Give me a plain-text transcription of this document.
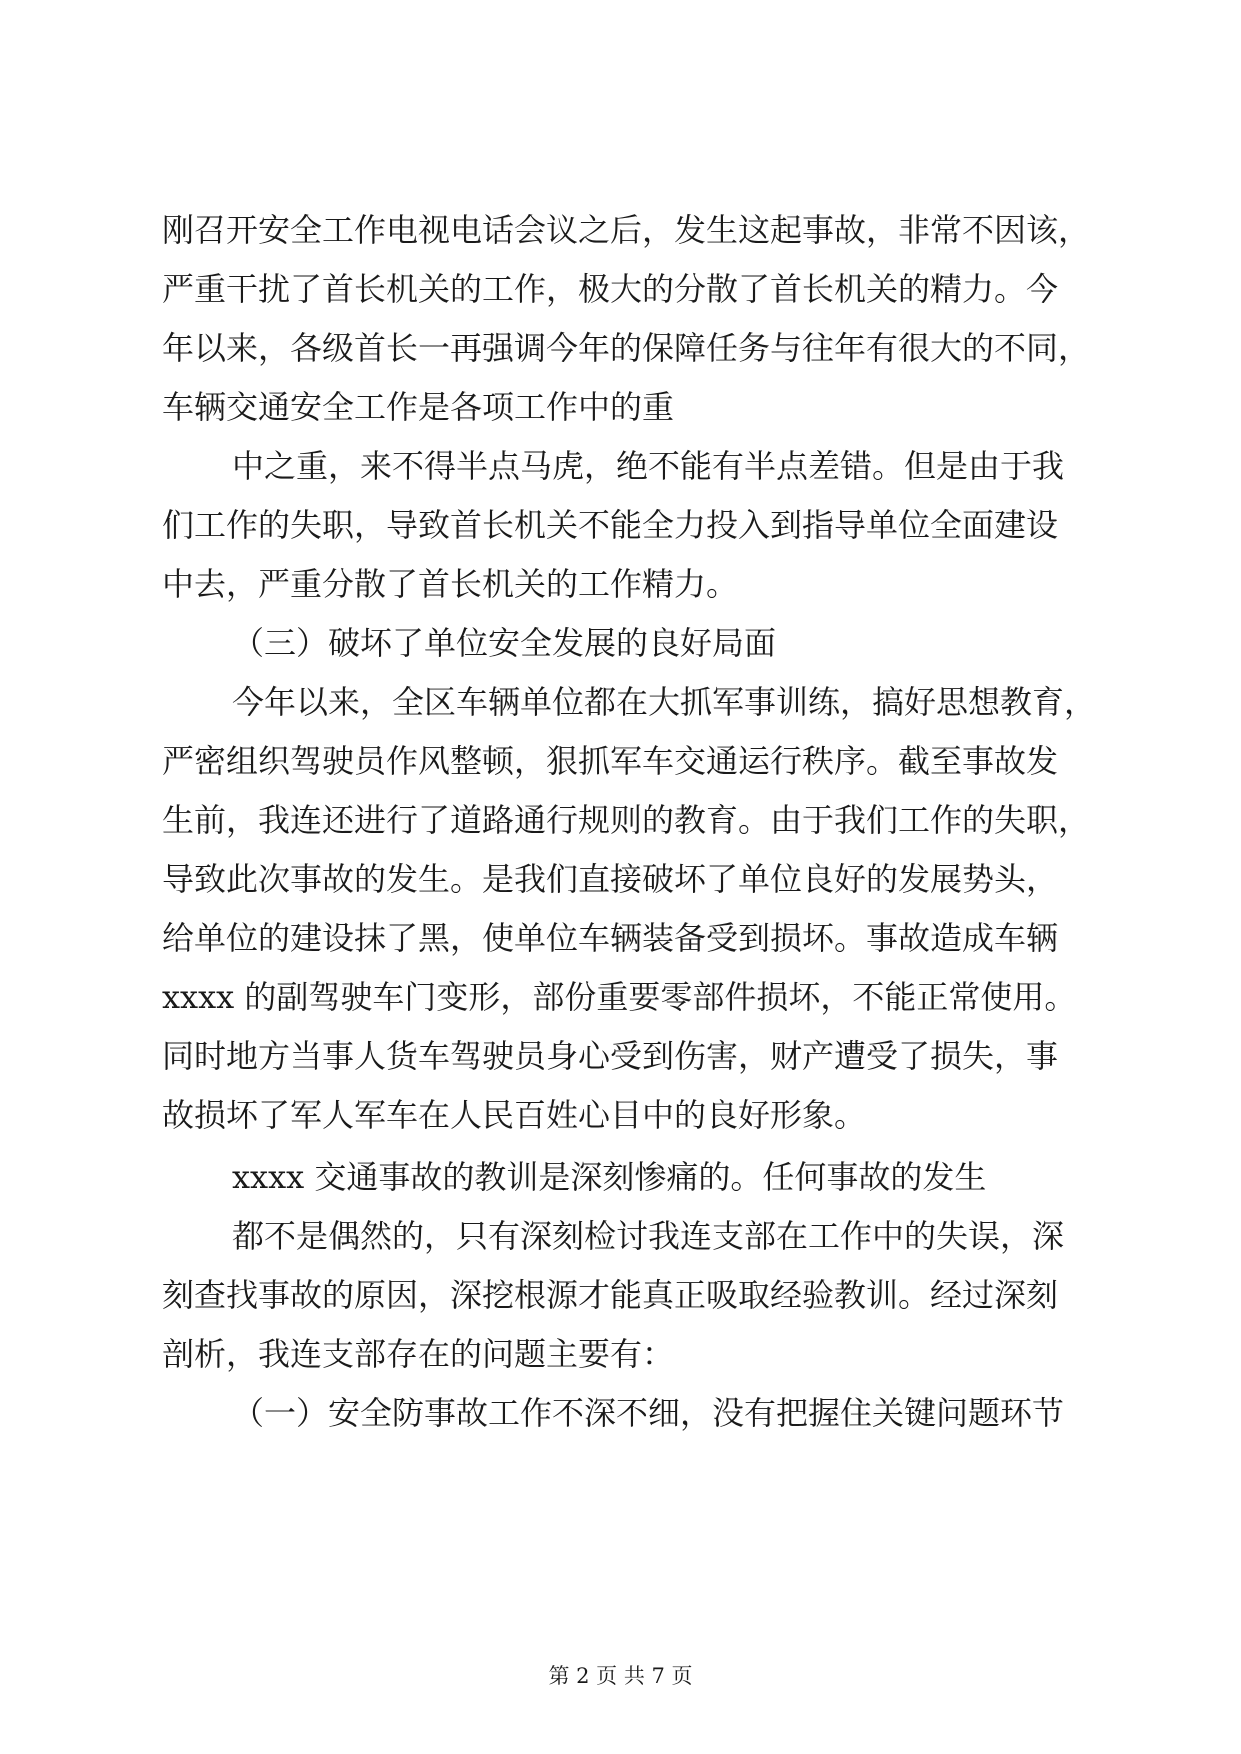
刚召开安全工作电视电话会议之后，发生这起事故，非常不因该，
严重干扰了首长机关的工作，极大的分散了首长机关的精力。今
年以来，各级首长一再强调今年的保障任务与往年有很大的不同，
车辆交通安全工作是各项工作中的重
中之重，来不得半点马虎，绝不能有半点差错。但是由于我
们工作的失职，导致首长机关不能全力投入到指导单位全面建设
中去，严重分散了首长机关的工作精力。
（三）破坏了单位安全发展的良好局面
今年以来，全区车辆单位都在大抓军事训练，搞好思想教育，
严密组织驾驶员作风整顿，狠抓军车交通运行秩序。截至事故发
生前，我连还进行了道路通行规则的教育。由于我们工作的失职，
导致此次事故的发生。是我们直接破坏了单位良好的发展势头，
给单位的建设抹了黑，使单位车辆装备受到损坏。事故造成车辆
xxxx 的副驾驶车门变形，部份重要零部件损坏，不能正常使用。
同时地方当事人货车驾驶员身心受到伤害，财产遭受了损失，事
故损坏了军人军车在人民百姓心目中的良好形象。
xxxx 交通事故的教训是深刻惨痛的。任何事故的发生
都不是偶然的，只有深刻检讨我连支部在工作中的失误，深
刻查找事故的原因，深挖根源才能真正吸取经验教训。经过深刻
剖析，我连支部存在的问题主要有：
（一）安全防事故工作不深不细，没有把握住关键问题环节
第 2 页 共 7 页
